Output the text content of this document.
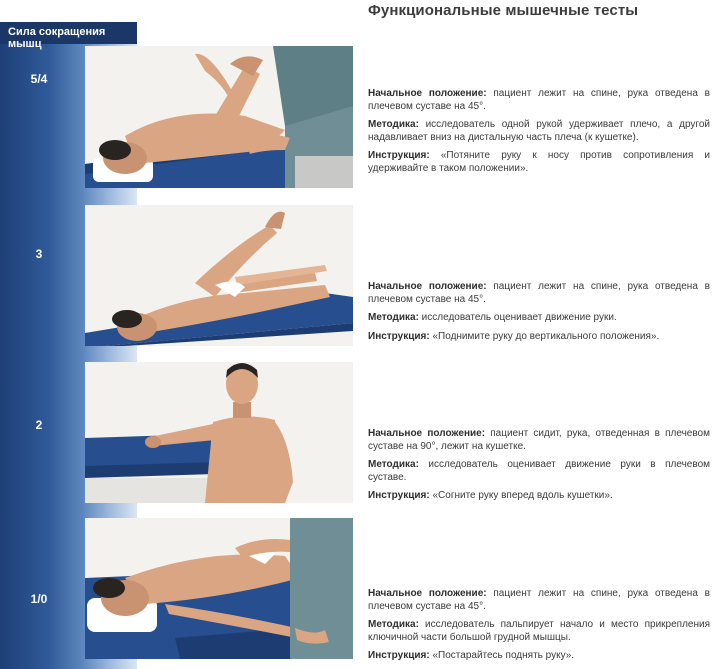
Сила сокращения мышц
Функциональные мышечные тесты
5/4

Начальное положение: пациент лежит на спине, рука отведена в плечевом суставе на 45°.

Методика: исследователь одной рукой удерживает плечо, а другой надавливает вниз на дистальную часть плеча (к кушетке).

Инструкция: «Потяните руку к носу против сопротивления и удерживайте в таком положении».

3

Начальное положение: пациент лежит на спине, рука отведена в плечевом суставе на 45°.

Методика: исследователь оценивает движение руки.

Инструкция: «Поднимите руку до вертикального положения».

2

Начальное положение: пациент сидит, рука, отведенная в плечевом суставе на 90°, лежит на кушетке.

Методика: исследователь оценивает движение руки в плечевом суставе.

Инструкция: «Согните руку вперед вдоль кушетки».

1/0	Начальное положение: пациент лежит на спине, рука отведена в плечевом суставе на 45°.

Методика: исследователь пальпирует начало и место прикрепления ключичной части большой грудной мышцы.

Инструкция: «Постарайтесь поднять руку».
